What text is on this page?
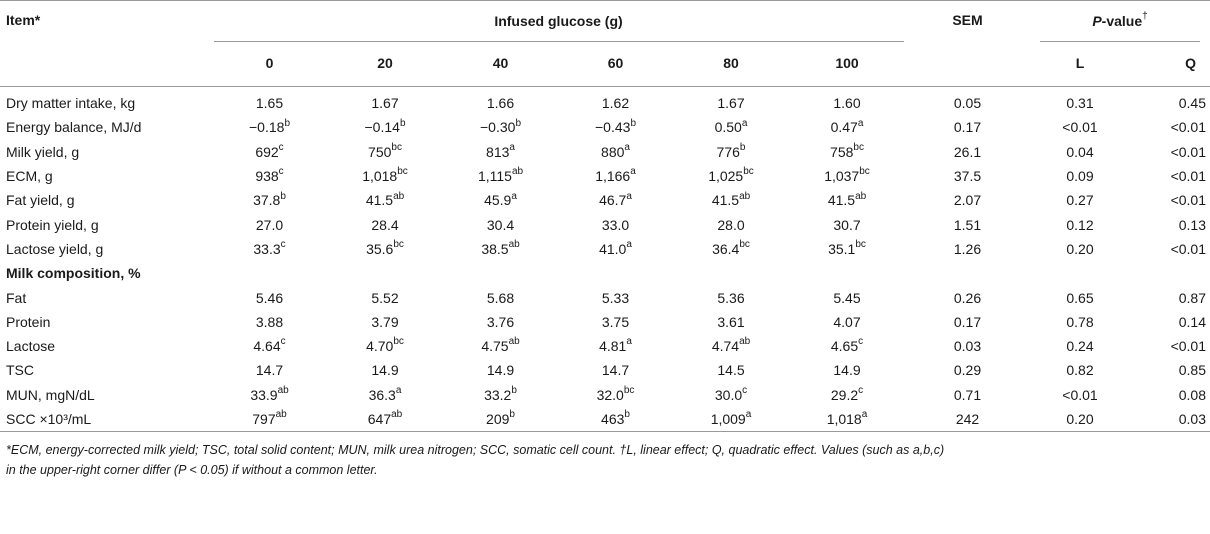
Item*	Infused glucose (g)						SEM	P-value†
	0	20	40	60	80	100		L	Q
Dry matter intake, kg	1.65	1.67	1.66	1.62	1.67	1.60	0.05	0.31	0.45
Energy balance, MJ/d	−0.18$^b$	−0.14$^b$	−0.30$^b$	−0.43$^b$	0.50$^a$	0.47$^a$	0.17	<0.01	<0.01
Milk yield, g	692$^c$	$750^{bc}$	813$^a$	880$^a$	776$^b$	$758^{bc}$	26.1	0.04	<0.01
ECM, g	938$^c$	1,018$^{bc}$	1,115$^{ab}$	1,166$^a$	1,025$^{bc}$	1,037$^{bc}$	37.5	0.09	<0.01
Fat yield, g	37.8$^b$	41.5$^{ab}$	45.9$^a$	46.7$^a$	41.5$^{ab}$	41.5$^{ab}$	2.07	0.27	<0.01
Protein yield, g	27.0	28.4	30.4	33.0	28.0	30.7	1.51	0.12	0.13
Lactose yield, g	33.3$^c$	35.6$^{bc}$	38.5$^{ab}$	41.0$^a$	36.4$^{bc}$	35.1$^{bc}$	1.26	0.20	<0.01
Milk composition, %									
Fat	5.46	5.52	5.68	5.33	5.36	5.45	0.26	0.65	0.87
Protein	3.88	3.79	3.76	3.75	3.61	4.07	0.17	0.78	0.14
Lactose	4.64$^c$	4.70$^{bc}$	4.75$^{ab}$	4.81$^a$	4.74$^{ab}$	4.65$^c$	0.03	0.24	<0.01
TSC	14.7	14.9	14.9	14.7	14.5	14.9	0.29	0.82	0.85
MUN, mgN/dL	33.9$^{ab}$	36.3$^a$	33.2$^b$	32.0$^{bc}$	30.0$^c$	29.2$^c$	0.71	<0.01	0.08
SCC ×10³/mL	$797^{ab}$	$647^{ab}$	209$^b$	463$^b$	1,009$^a$	1,018$^a$	242	0.20	0.03
*ECM, energy-corrected milk yield; TSC, total solid content; MUN, milk urea nitrogen; SCC, somatic cell count. †L, linear effect; Q, quadratic effect. Values (such as a,b,c)
in the upper-right corner differ (P < 0.05) if without a common letter.
